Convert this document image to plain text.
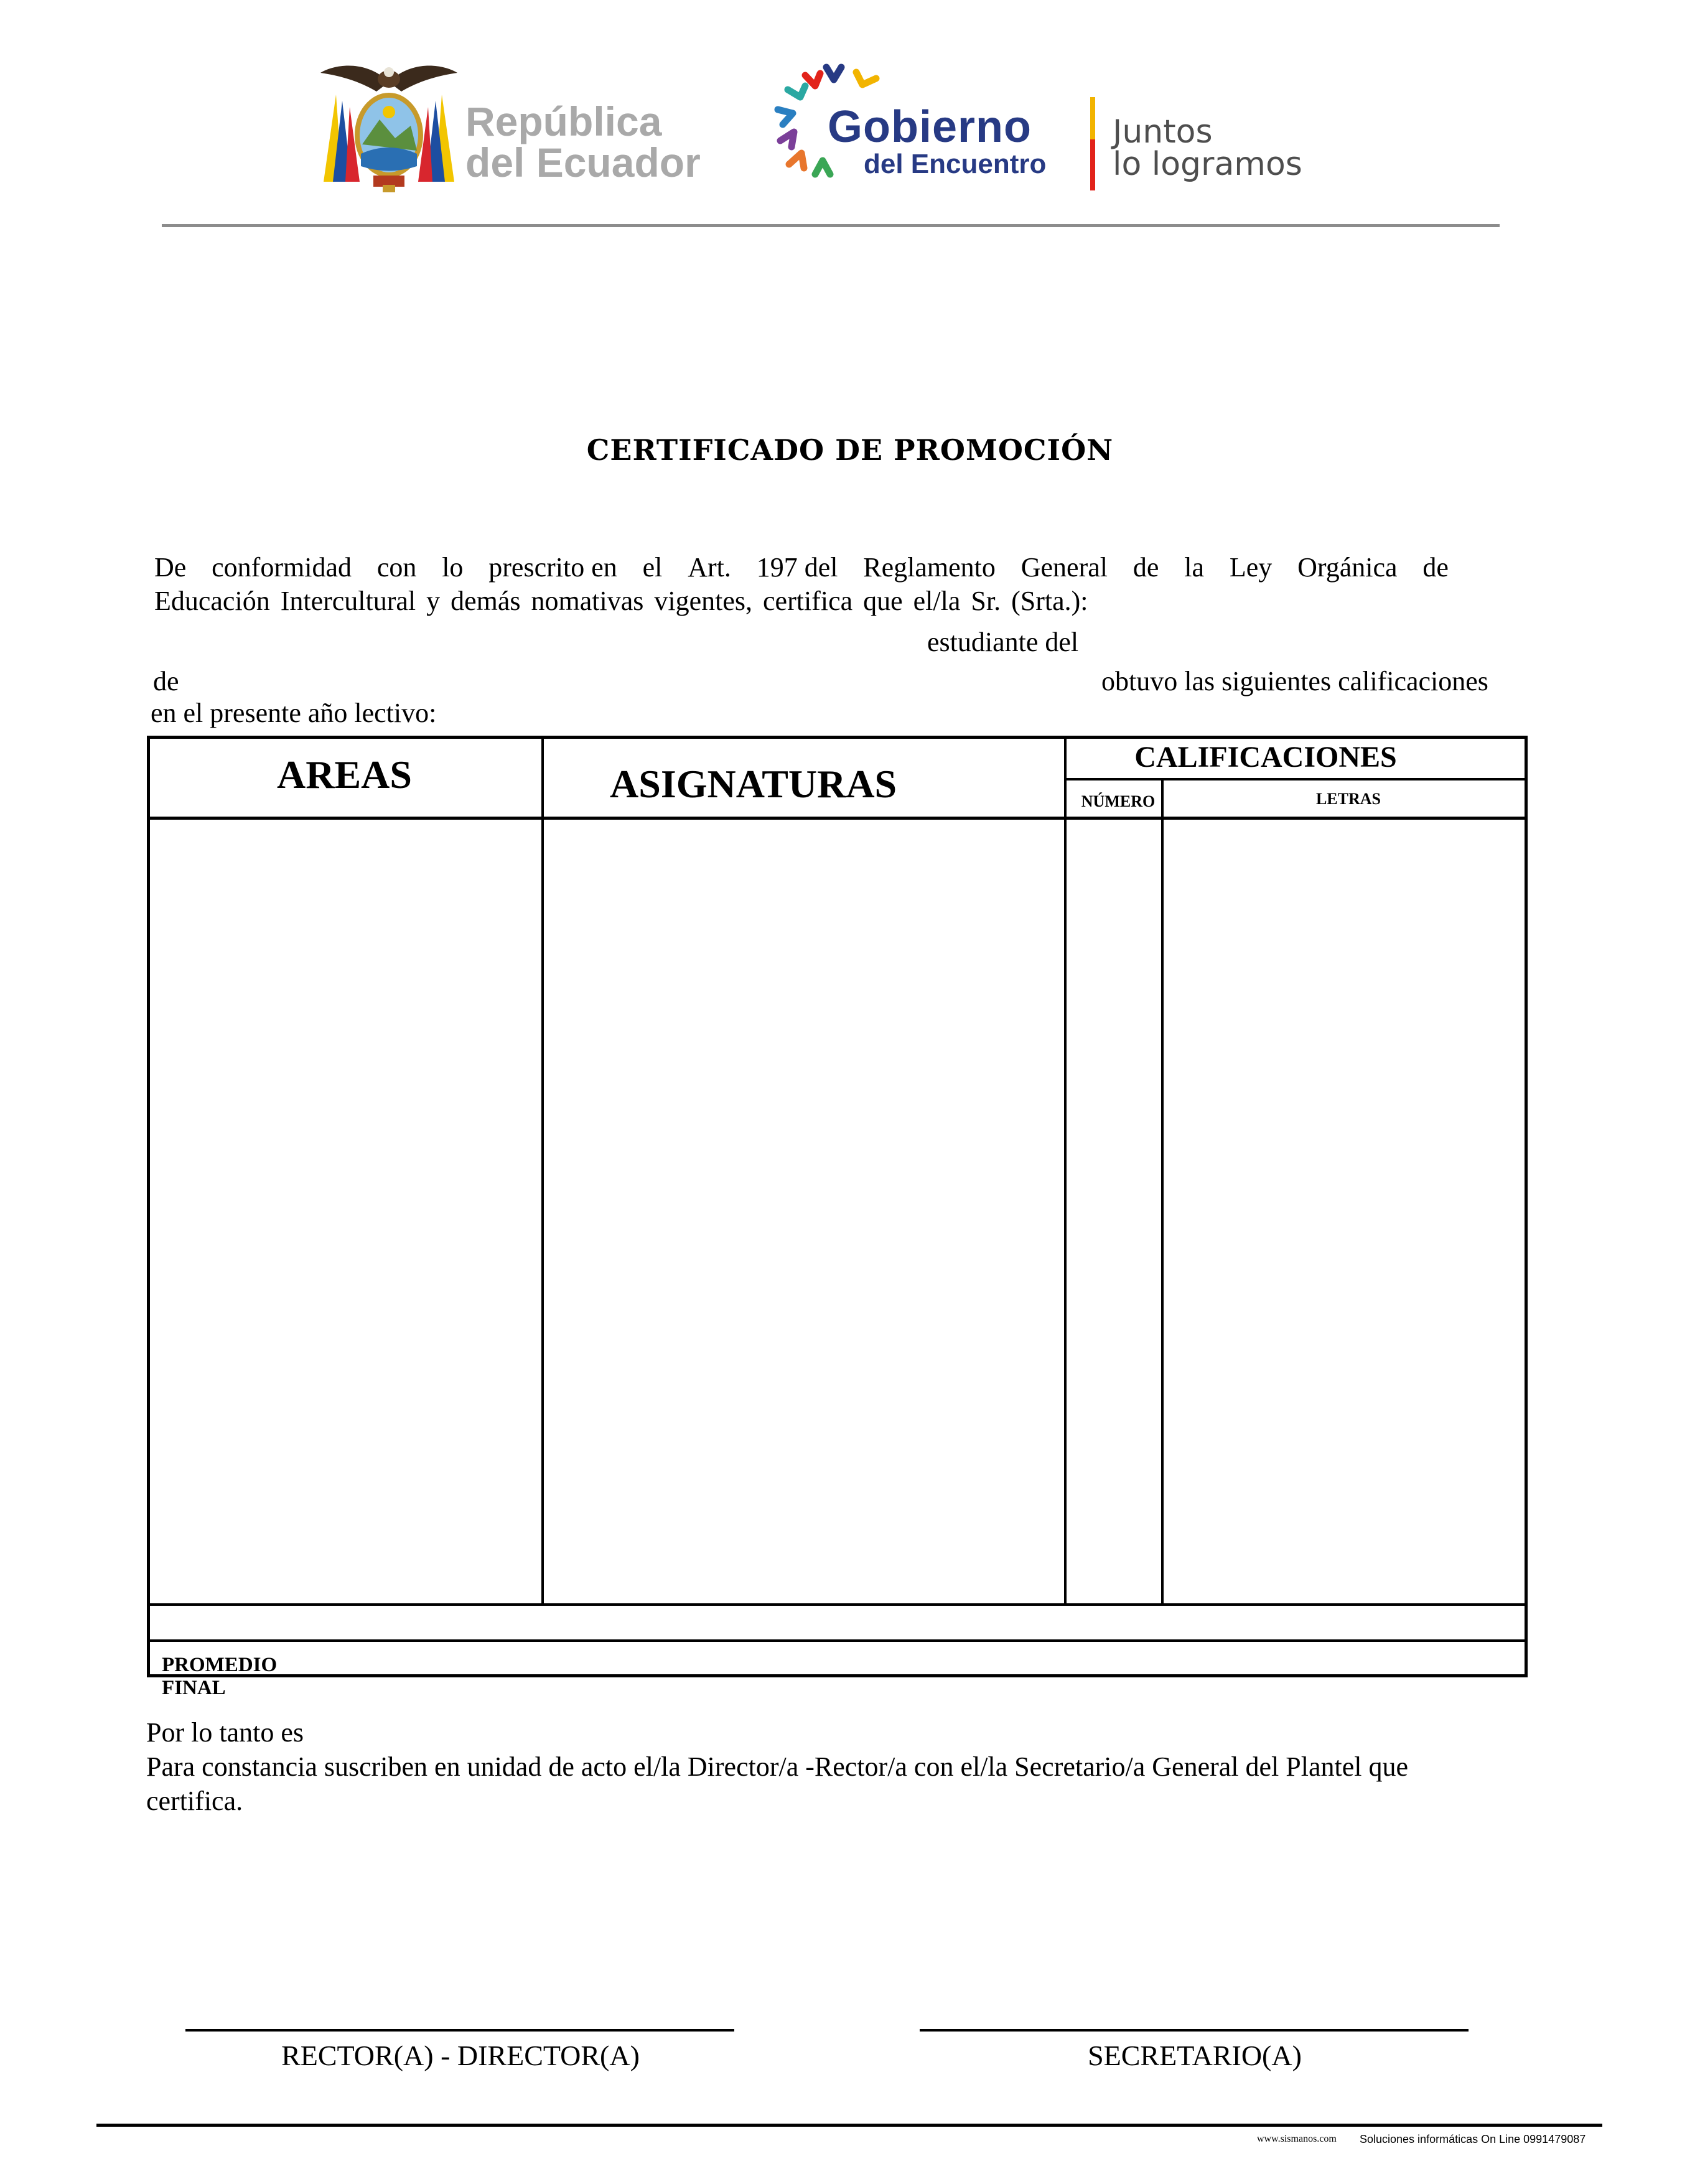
República
del Ecuador
Gobierno
del Encuentro
Juntos
lo logramos
CERTIFICADO DE PROMOCIÓN
De conformidad con lo prescrito en el Art. 197 del Reglamento General de la Ley Orgánica de
Educación Intercultural y demás nomativas vigentes, certifica que el/la Sr. (Srta.):
estudiante del
de	obtuvo las siguientes calificaciones
en el presente año lectivo:
AREAS	ASIGNATURAS
CALIFICACIONES
NÚMERO	LETRAS
PROMEDIO FINAL
Por lo tanto es
Para constancia suscriben en unidad de acto el/la Director/a -Rector/a con el/la Secretario/a General del Plantel que
certifica.
RECTOR(A) - DIRECTOR(A)	SECRETARIO(A)
www.sismanos.com Soluciones informáticas On Line 0991479087
